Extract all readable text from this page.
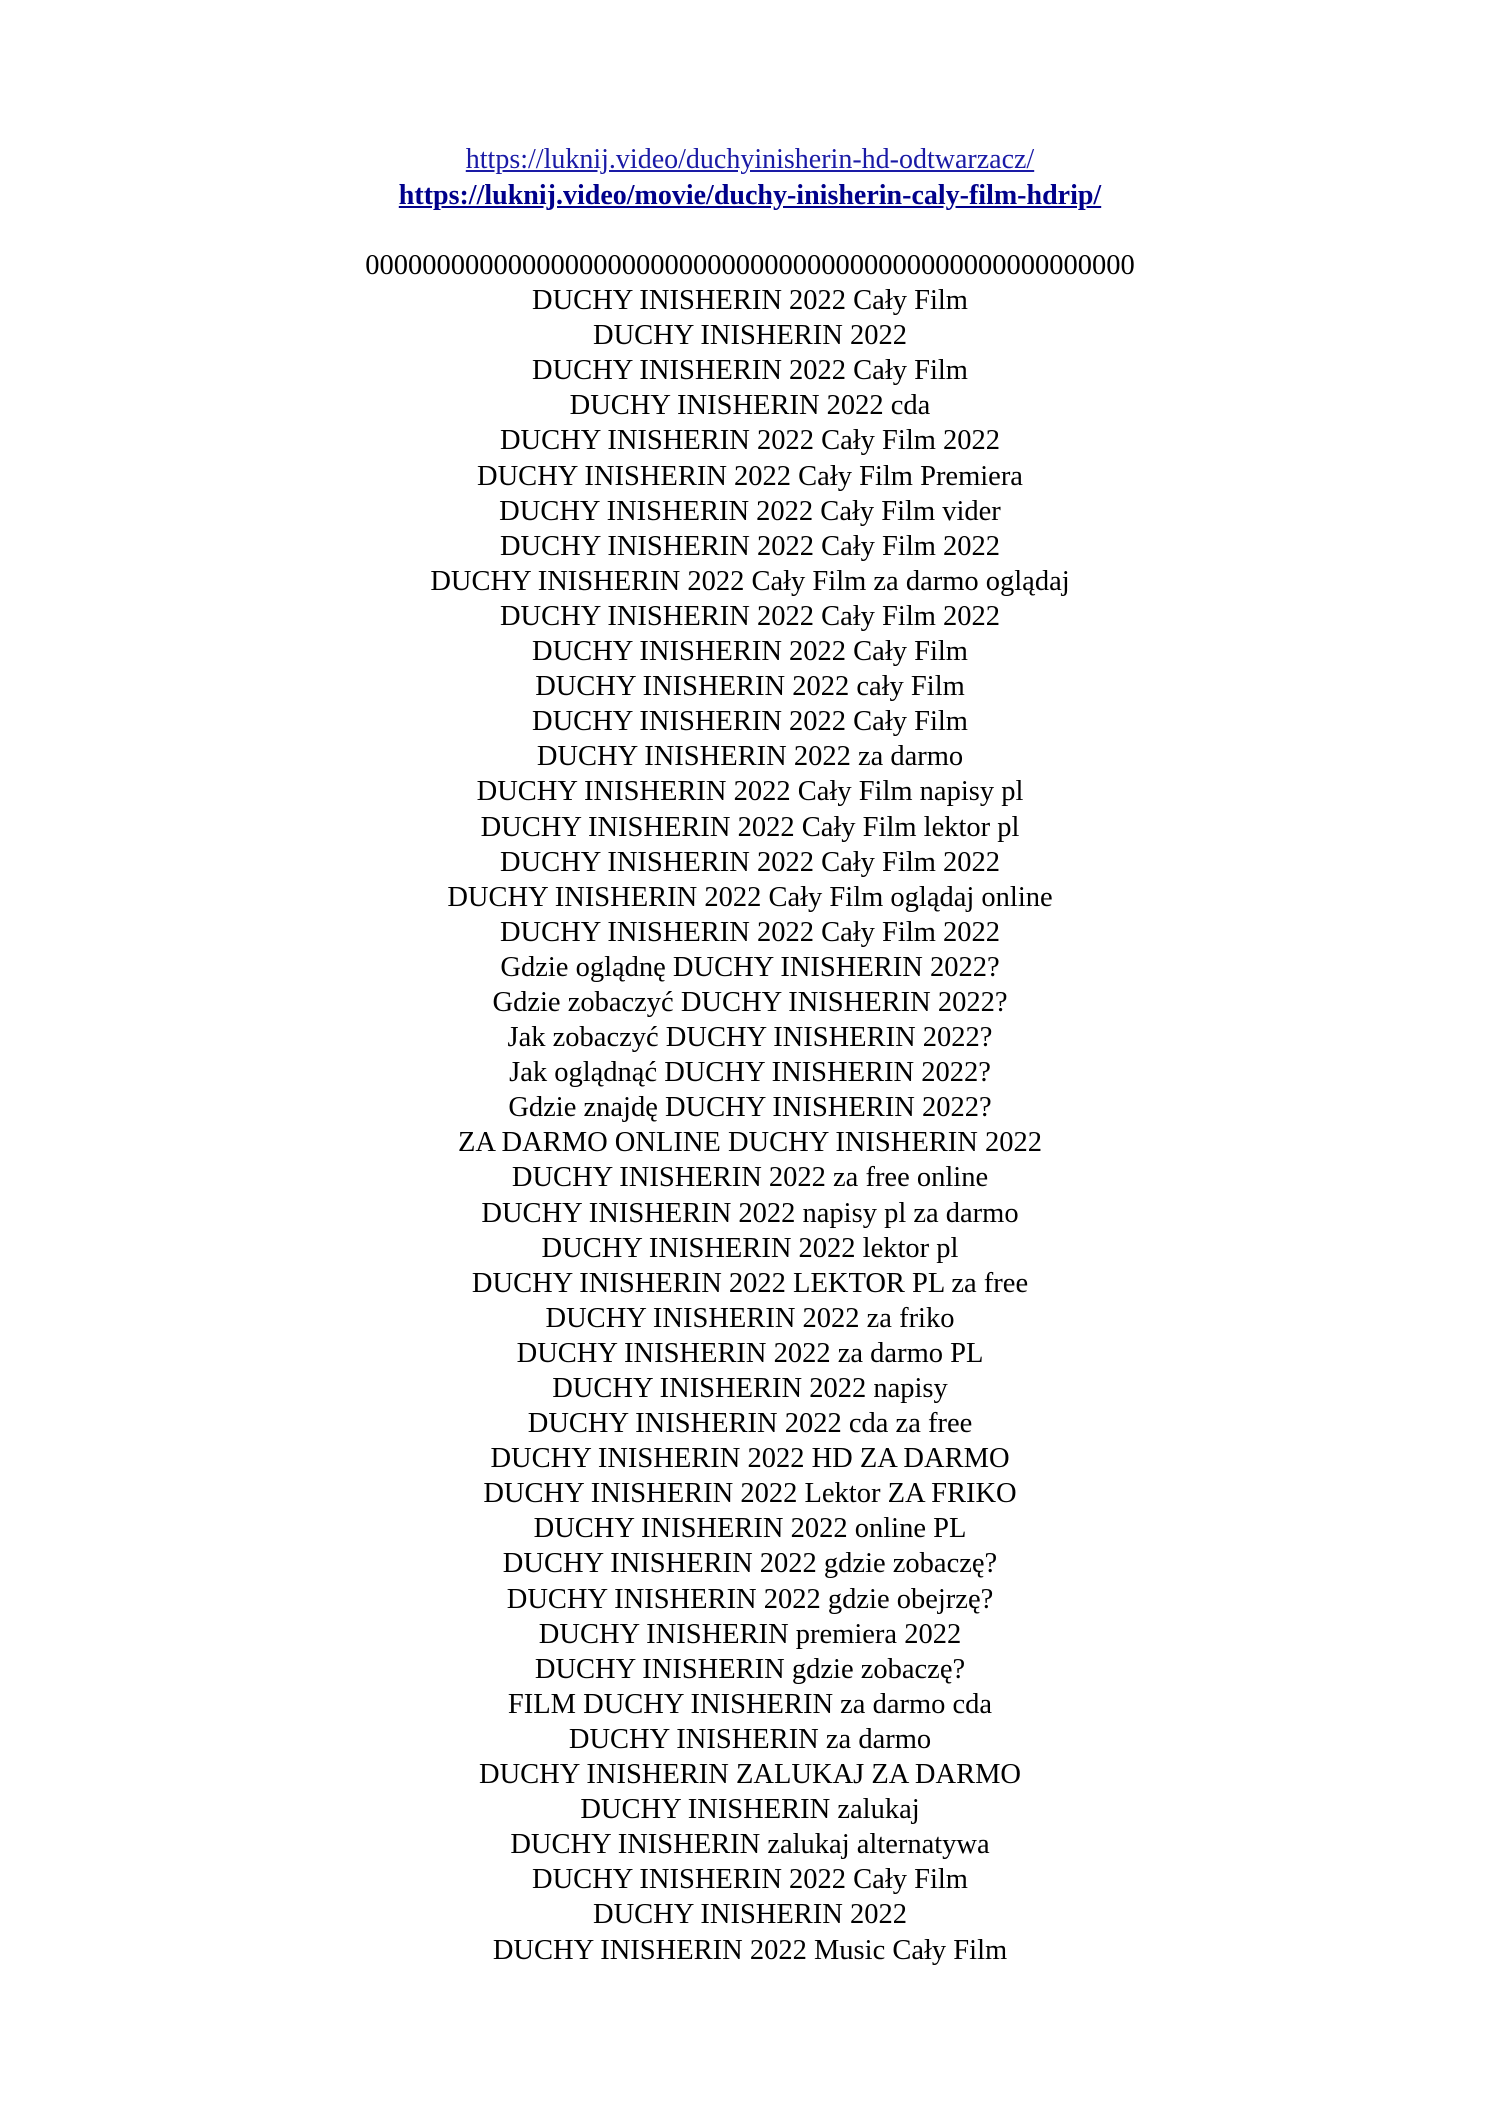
https://luknij.video/duchyinisherin-hd-odtwarzacz/
https://luknij.video/movie/duchy-inisherin-caly-film-hdrip/
000000000000000000000000000000000000000000000000000000
DUCHY INISHERIN 2022 Cały Film
DUCHY INISHERIN 2022
DUCHY INISHERIN 2022 Cały Film
DUCHY INISHERIN 2022 cda
DUCHY INISHERIN 2022 Cały Film 2022
DUCHY INISHERIN 2022 Cały Film Premiera
DUCHY INISHERIN 2022 Cały Film vider
DUCHY INISHERIN 2022 Cały Film 2022
DUCHY INISHERIN 2022 Cały Film za darmo oglądaj
DUCHY INISHERIN 2022 Cały Film 2022
DUCHY INISHERIN 2022 Cały Film
DUCHY INISHERIN 2022 cały Film
DUCHY INISHERIN 2022 Cały Film
DUCHY INISHERIN 2022 za darmo
DUCHY INISHERIN 2022 Cały Film napisy pl
DUCHY INISHERIN 2022 Cały Film lektor pl
DUCHY INISHERIN 2022 Cały Film 2022
DUCHY INISHERIN 2022 Cały Film oglądaj online
DUCHY INISHERIN 2022 Cały Film 2022
Gdzie oglądnę DUCHY INISHERIN 2022?
Gdzie zobaczyć DUCHY INISHERIN 2022?
Jak zobaczyć DUCHY INISHERIN 2022?
Jak oglądnąć DUCHY INISHERIN 2022?
Gdzie znajdę DUCHY INISHERIN 2022?
ZA DARMO ONLINE DUCHY INISHERIN 2022
DUCHY INISHERIN 2022 za free online
DUCHY INISHERIN 2022 napisy pl za darmo
DUCHY INISHERIN 2022 lektor pl
DUCHY INISHERIN 2022 LEKTOR PL za free
DUCHY INISHERIN 2022 za friko
DUCHY INISHERIN 2022 za darmo PL
DUCHY INISHERIN 2022 napisy
DUCHY INISHERIN 2022 cda za free
DUCHY INISHERIN 2022 HD ZA DARMO
DUCHY INISHERIN 2022 Lektor ZA FRIKO
DUCHY INISHERIN 2022 online PL
DUCHY INISHERIN 2022 gdzie zobaczę?
DUCHY INISHERIN 2022 gdzie obejrzę?
DUCHY INISHERIN premiera 2022
DUCHY INISHERIN gdzie zobaczę?
FILM DUCHY INISHERIN za darmo cda
DUCHY INISHERIN za darmo
DUCHY INISHERIN ZALUKAJ ZA DARMO
DUCHY INISHERIN zalukaj
DUCHY INISHERIN zalukaj alternatywa
DUCHY INISHERIN 2022 Cały Film
DUCHY INISHERIN 2022
DUCHY INISHERIN 2022 Music Cały Film
